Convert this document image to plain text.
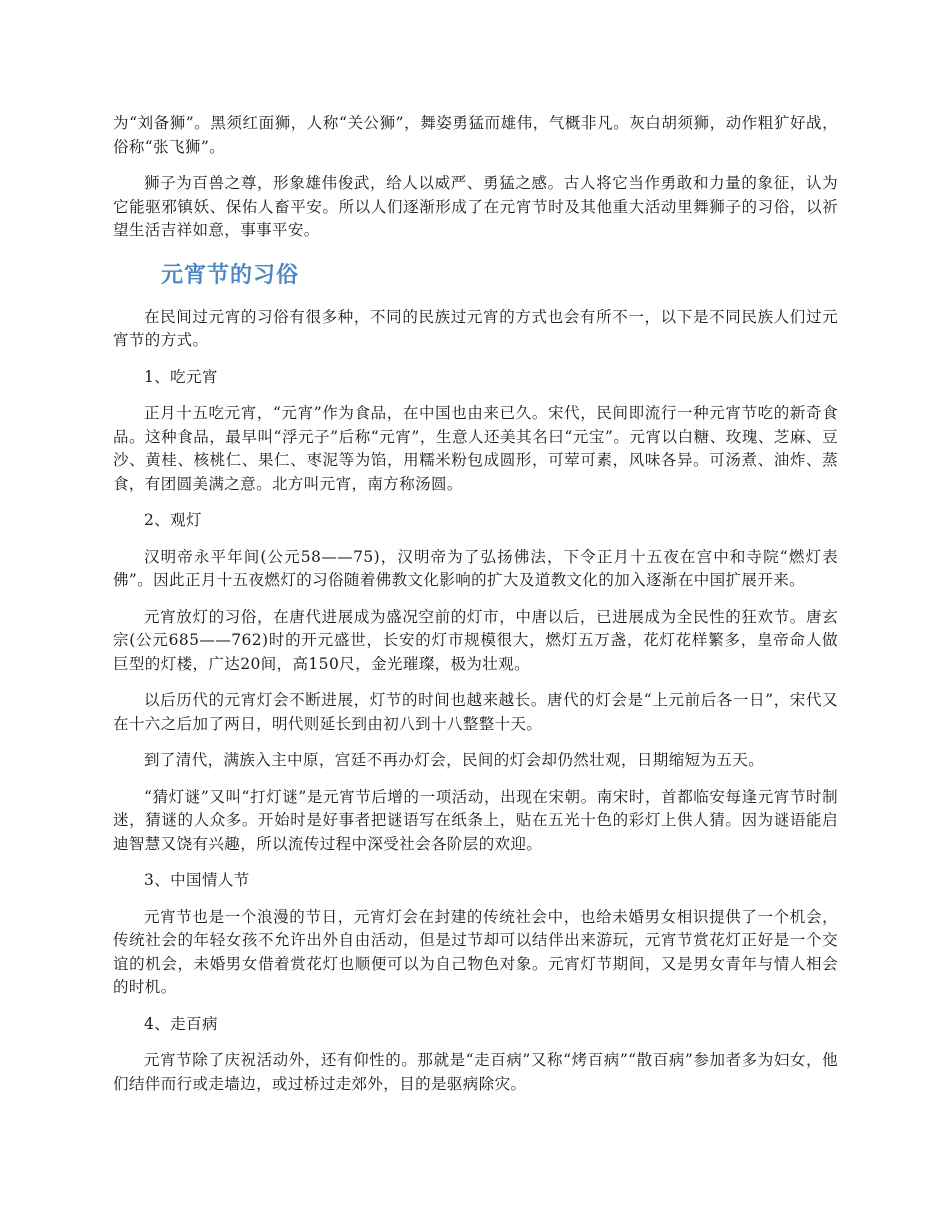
为“刘备狮”。黑须红面狮，人称“关公狮”，舞姿勇猛而雄伟，气概非凡。灰白胡须狮，动作粗犷好战，俗称“张飞狮”。

狮子为百兽之尊，形象雄伟俊武，给人以威严、勇猛之感。古人将它当作勇敢和力量的象征，认为它能驱邪镇妖、保佑人畜平安。所以人们逐渐形成了在元宵节时及其他重大活动里舞狮子的习俗，以祈望生活吉祥如意，事事平安。

元宵节的习俗

在民间过元宵的习俗有很多种，不同的民族过元宵的方式也会有所不一，以下是不同民族人们过元宵节的方式。

1、吃元宵

正月十五吃元宵，“元宵”作为食品，在中国也由来已久。宋代，民间即流行一种元宵节吃的新奇食品。这种食品，最早叫“浮元子”后称“元宵”，生意人还美其名曰“元宝”。元宵以白糖、玫瑰、芝麻、豆沙、黄桂、核桃仁、果仁、枣泥等为馅，用糯米粉包成圆形，可荤可素，风味各异。可汤煮、油炸、蒸食，有团圆美满之意。北方叫元宵，南方称汤圆。

2、观灯

汉明帝永平年间(公元58——75)，汉明帝为了弘扬佛法，下令正月十五夜在宫中和寺院“燃灯表佛”。因此正月十五夜燃灯的习俗随着佛教文化影响的扩大及道教文化的加入逐渐在中国扩展开来。

元宵放灯的习俗，在唐代进展成为盛况空前的灯市，中唐以后，已进展成为全民性的狂欢节。唐玄宗(公元685——762)时的开元盛世，长安的灯市规模很大，燃灯五万盏，花灯花样繁多，皇帝命人做巨型的灯楼，广达20间，高150尺，金光璀璨，极为壮观。

以后历代的元宵灯会不断进展，灯节的时间也越来越长。唐代的灯会是“上元前后各一日”，宋代又在十六之后加了两日，明代则延长到由初八到十八整整十天。

到了清代，满族入主中原，宫廷不再办灯会，民间的灯会却仍然壮观，日期缩短为五天。

“猜灯谜”又叫“打灯谜”是元宵节后增的一项活动，出现在宋朝。南宋时，首都临安每逢元宵节时制迷，猜谜的人众多。开始时是好事者把谜语写在纸条上，贴在五光十色的彩灯上供人猜。因为谜语能启迪智慧又饶有兴趣，所以流传过程中深受社会各阶层的欢迎。

3、中国情人节

元宵节也是一个浪漫的节日，元宵灯会在封建的传统社会中，也给未婚男女相识提供了一个机会，传统社会的年轻女孩不允许出外自由活动，但是过节却可以结伴出来游玩，元宵节赏花灯正好是一个交谊的机会，未婚男女借着赏花灯也顺便可以为自己物色对象。元宵灯节期间，又是男女青年与情人相会的时机。

4、走百病

元宵节除了庆祝活动外，还有仰性的。那就是“走百病”又称“烤百病”“散百病”参加者多为妇女，他们结伴而行或走墙边，或过桥过走郊外，目的是驱病除灾。
